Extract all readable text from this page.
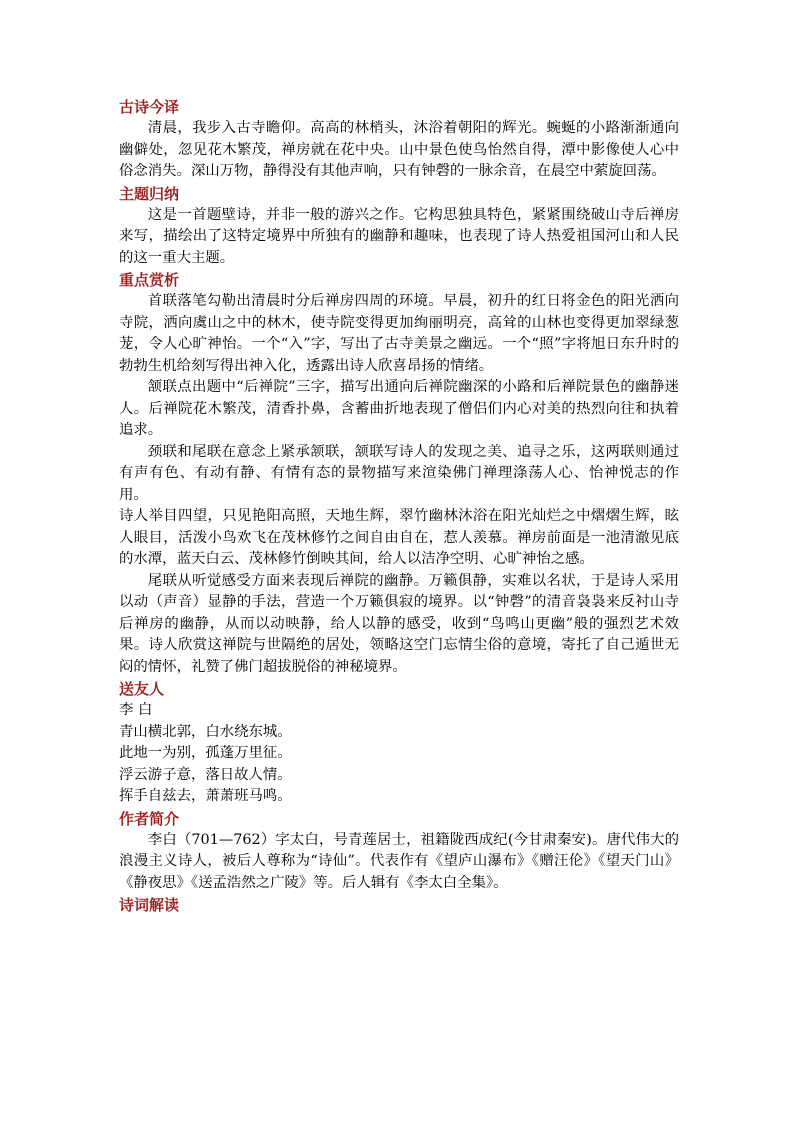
古诗今译

清晨，我步入古寺瞻仰。高高的林梢头，沐浴着朝阳的辉光。蜿蜒的小路渐渐通向幽僻处，忽见花木繁茂，禅房就在花中央。山中景色使鸟怡然自得，潭中影像使人心中俗念消失。深山万物，静得没有其他声响，只有钟磬的一脉余音，在晨空中萦旋回荡。

主题归纳

这是一首题壁诗，并非一般的游兴之作。它构思独具特色，紧紧围绕破山寺后禅房来写，描绘出了这特定境界中所独有的幽静和趣味，也表现了诗人热爱祖国河山和人民的这一重大主题。

重点赏析

首联落笔勾勒出清晨时分后禅房四周的环境。早晨，初升的红日将金色的阳光洒向寺院，洒向虞山之中的林木，使寺院变得更加绚丽明亮，高耸的山林也变得更加翠绿葱茏，令人心旷神怡。一个“入”字，写出了古寺美景之幽远。一个“照”字将旭日东升时的勃勃生机给刻写得出神入化，透露出诗人欣喜昂扬的情绪。

颔联点出题中“后禅院”三字，描写出通向后禅院幽深的小路和后禅院景色的幽静迷人。后禅院花木繁茂，清香扑鼻，含蓄曲折地表现了僧侣们内心对美的热烈向往和执着追求。

颈联和尾联在意念上紧承颔联，颔联写诗人的发现之美、追寻之乐，这两联则通过有声有色、有动有静、有情有态的景物描写来渲染佛门禅理涤荡人心、怡神悦志的作用。

诗人举目四望，只见艳阳高照，天地生辉，翠竹幽林沐浴在阳光灿烂之中熠熠生辉，眩人眼目，活泼小鸟欢飞在茂林修竹之间自由自在，惹人羡慕。禅房前面是一池清澈见底的水潭，蓝天白云、茂林修竹倒映其间，给人以洁净空明、心旷神怡之感。

尾联从听觉感受方面来表现后禅院的幽静。万籁俱静，实难以名状，于是诗人采用以动（声音）显静的手法，营造一个万籁俱寂的境界。以“钟磬”的清音袅袅来反衬山寺后禅房的幽静，从而以动映静，给人以静的感受，收到“鸟鸣山更幽”般的强烈艺术效果。诗人欣赏这禅院与世隔绝的居处，领略这空门忘情尘俗的意境，寄托了自己遁世无闷的情怀，礼赞了佛门超拔脱俗的神秘境界。

送友人

李 白

青山横北郭，白水绕东城。

此地一为别，孤蓬万里征。

浮云游子意，落日故人情。

挥手自兹去，萧萧班马鸣。

作者简介

李白（701—762）字太白，号青莲居士，祖籍陇西成纪(今甘肃秦安)。唐代伟大的浪漫主义诗人，被后人尊称为“诗仙”。代表作有《望庐山瀑布》《赠汪伦》《望天门山》《静夜思》《送孟浩然之广陵》等。后人辑有《李太白全集》。

诗词解读
